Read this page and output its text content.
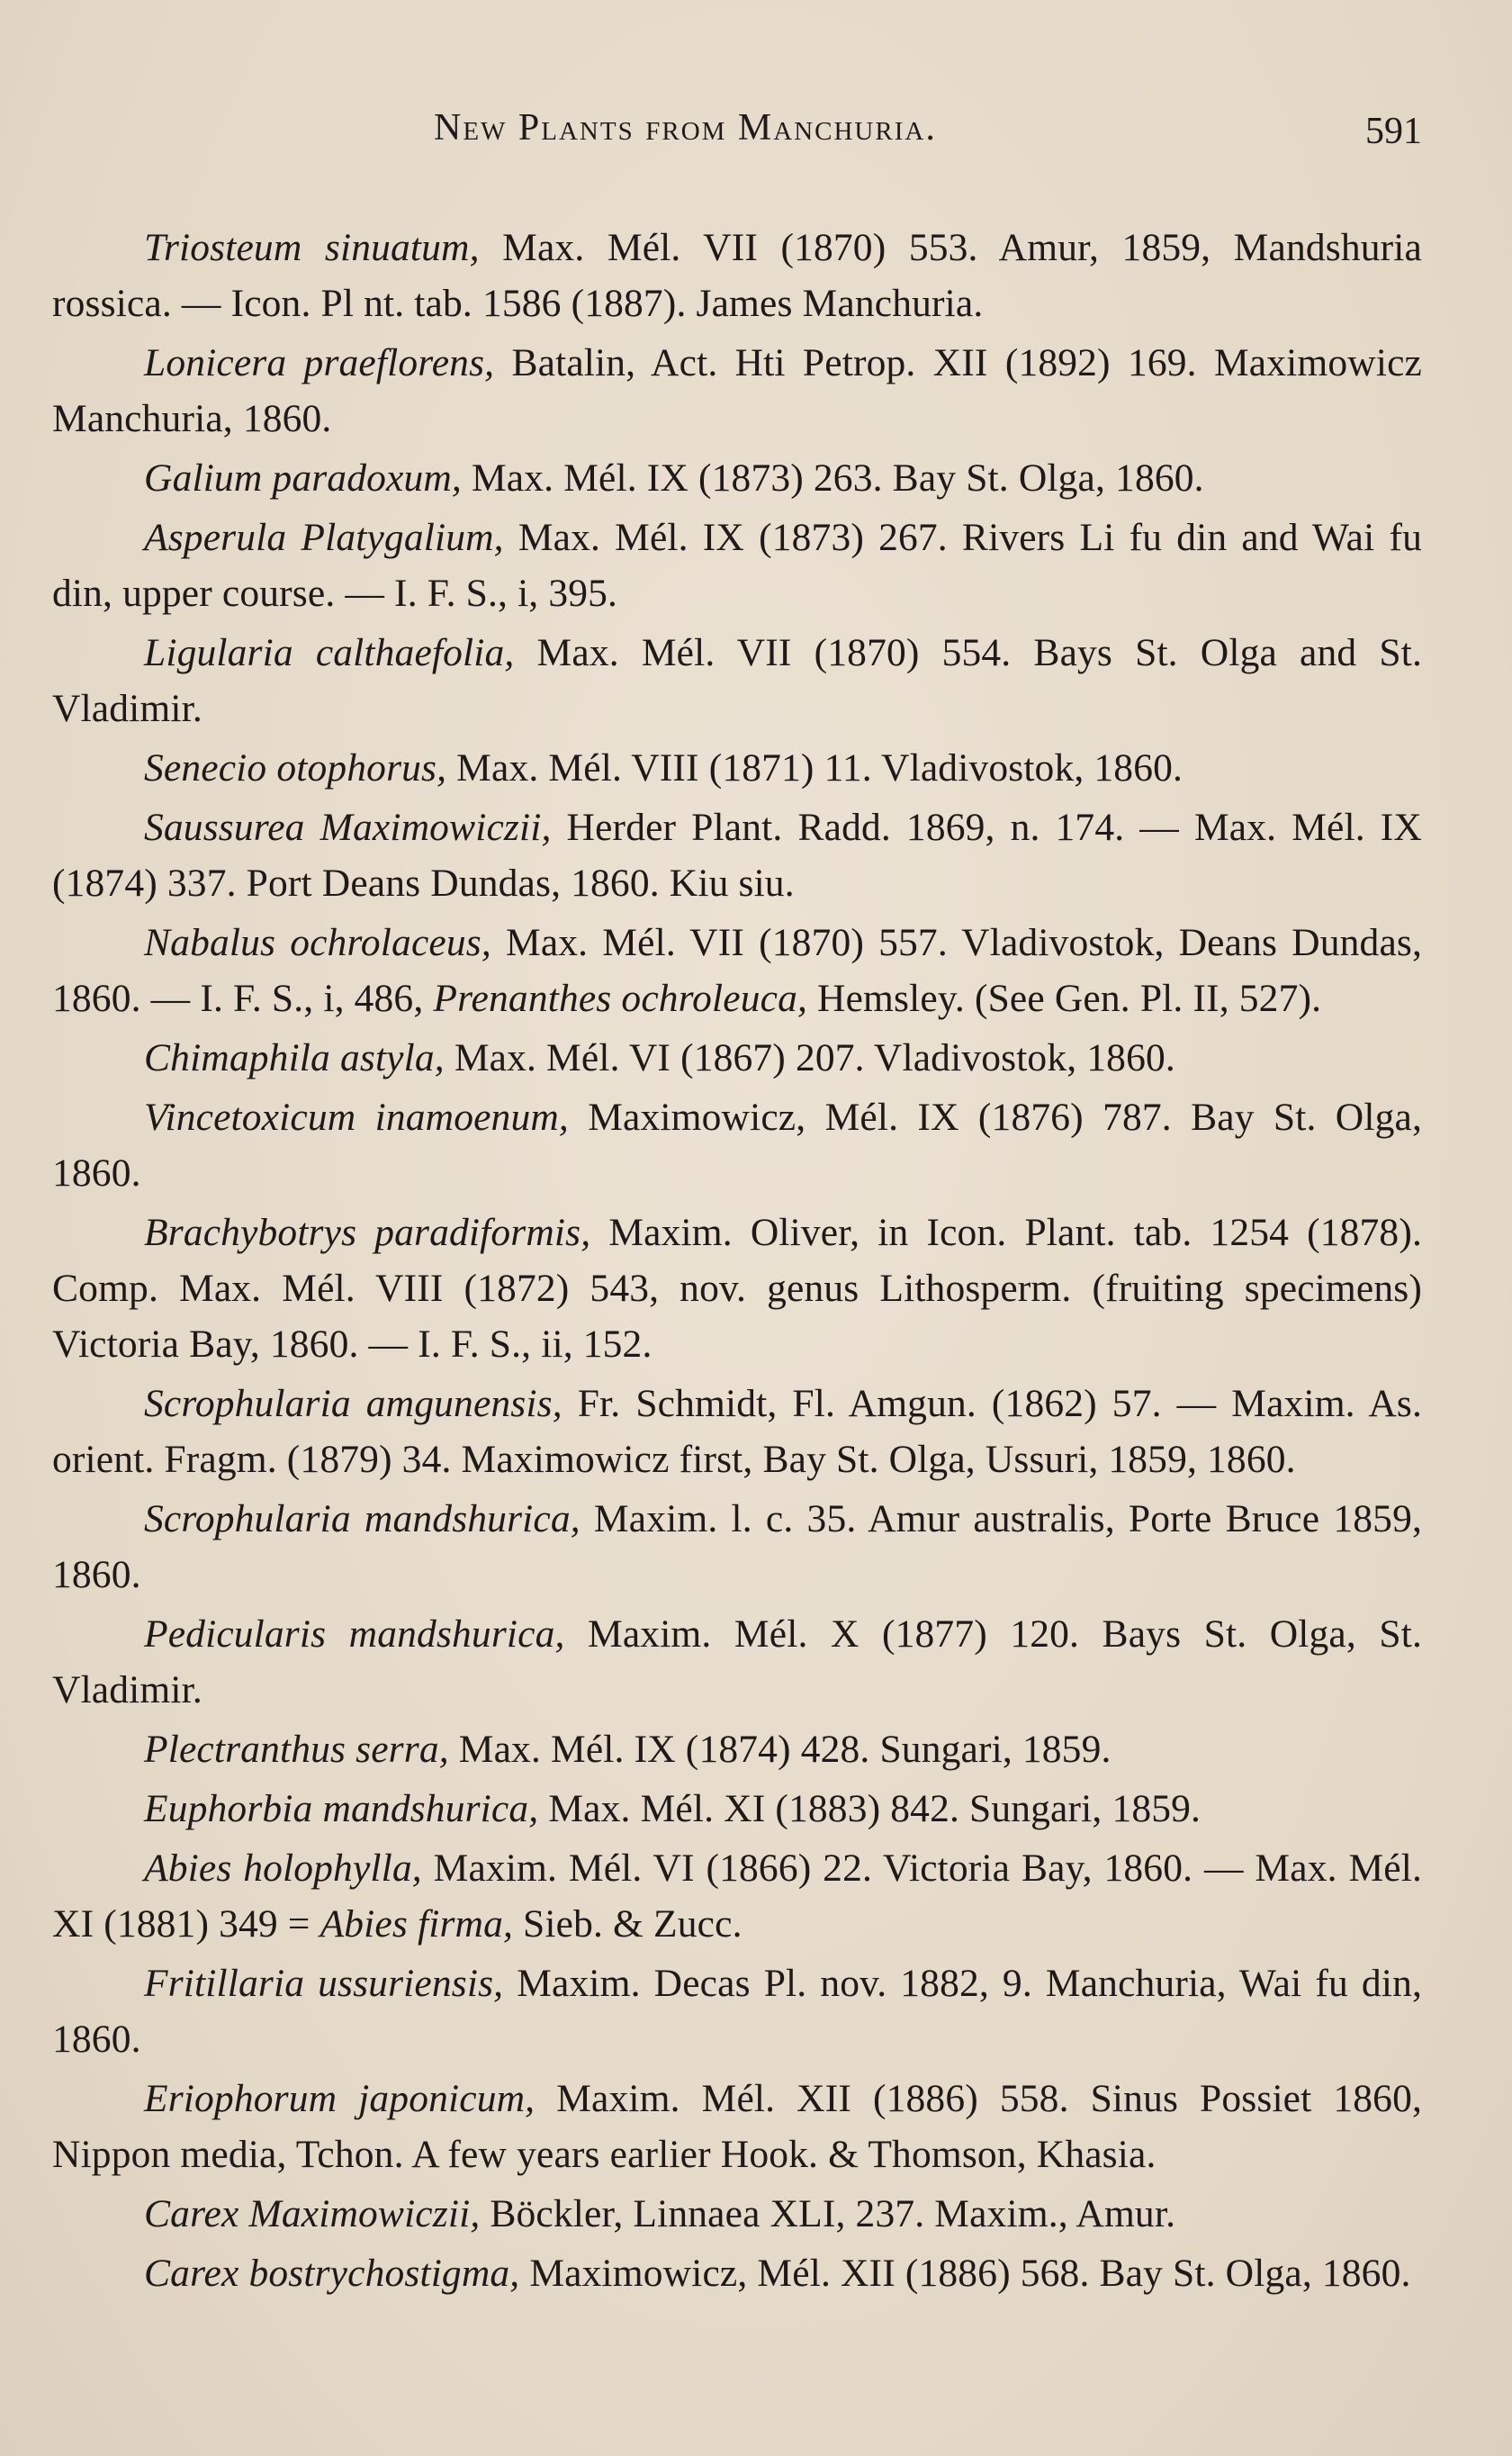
New Plants from Manchuria.	591

Triosteum sinuatum, Max. Mél. VII (1870) 553. Amur, 1859, Mandshuria rossica. — Icon. Pl nt. tab. 1586 (1887). James Manchuria.

Lonicera praeflorens, Batalin, Act. Hti Petrop. XII (1892) 169. Maximowicz Manchuria, 1860.

Galium paradoxum, Max. Mél. IX (1873) 263. Bay St. Olga, 1860.

Asperula Platygalium, Max. Mél. IX (1873) 267. Rivers Li fu din and Wai fu din, upper course. — I. F. S., i, 395.

Ligularia calthaefolia, Max. Mél. VII (1870) 554. Bays St. Olga and St. Vladimir.

Senecio otophorus, Max. Mél. VIII (1871) 11. Vladivostok, 1860.

Saussurea Maximowiczii, Herder Plant. Radd. 1869, n. 174. — Max. Mél. IX (1874) 337. Port Deans Dundas, 1860. Kiu siu.

Nabalus ochrolaceus, Max. Mél. VII (1870) 557. Vladivostok, Deans Dundas, 1860. — I. F. S., i, 486, Prenanthes ochroleuca, Hemsley. (See Gen. Pl. II, 527).

Chimaphila astyla, Max. Mél. VI (1867) 207. Vladivostok, 1860.

Vincetoxicum inamoenum, Maximowicz, Mél. IX (1876) 787. Bay St. Olga, 1860.

Brachybotrys paradiformis, Maxim. Oliver, in Icon. Plant. tab. 1254 (1878). Comp. Max. Mél. VIII (1872) 543, nov. genus Lithosperm. (fruiting specimens) Victoria Bay, 1860. — I. F. S., ii, 152.

Scrophularia amgunensis, Fr. Schmidt, Fl. Amgun. (1862) 57. — Maxim. As. orient. Fragm. (1879) 34. Maximowicz first, Bay St. Olga, Ussuri, 1859, 1860.

Scrophularia mandshurica, Maxim. l. c. 35. Amur australis, Porte Bruce 1859, 1860.

Pedicularis mandshurica, Maxim. Mél. X (1877) 120. Bays St. Olga, St. Vladimir.

Plectranthus serra, Max. Mél. IX (1874) 428. Sungari, 1859.

Euphorbia mandshurica, Max. Mél. XI (1883) 842. Sungari, 1859.

Abies holophylla, Maxim. Mél. VI (1866) 22. Victoria Bay, 1860. — Max. Mél. XI (1881) 349 = Abies firma, Sieb. & Zucc.

Fritillaria ussuriensis, Maxim. Decas Pl. nov. 1882, 9. Manchuria, Wai fu din, 1860.

Eriophorum japonicum, Maxim. Mél. XII (1886) 558. Sinus Possiet 1860, Nippon media, Tchon. A few years earlier Hook. & Thomson, Khasia.

Carex Maximowiczii, Böckler, Linnaea XLI, 237. Maxim., Amur.

Carex bostrychostigma, Maximowicz, Mél. XII (1886) 568. Bay St. Olga, 1860.
